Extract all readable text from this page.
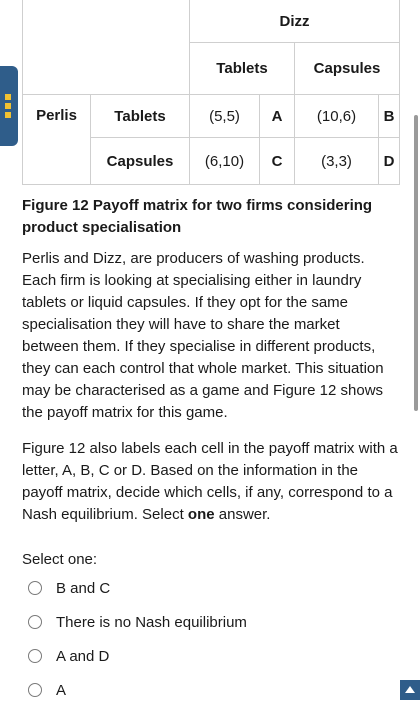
		Dizz			
		Tablets		Capsules	
Perlis	Tablets	(5,5)	A	(10,6)	B
	Capsules	(6,10)	C	(3,3)	D

Figure 12 Payoff matrix for two firms considering product specialisation

Perlis and Dizz, are producers of washing products. Each firm is looking at specialising either in laundry tablets or liquid capsules. If they opt for the same specialisation they will have to share the market between them. If they specialise in different products, they can each control that whole market. This situation may be characterised as a game and Figure 12 shows the payoff matrix for this game.

Figure 12 also labels each cell in the payoff matrix with a letter, A, B, C or D. Based on the information in the payoff matrix, decide which cells, if any, correspond to a Nash equilibrium. Select one answer.

Select one:

B and C
There is no Nash equilibrium
A and D
A
